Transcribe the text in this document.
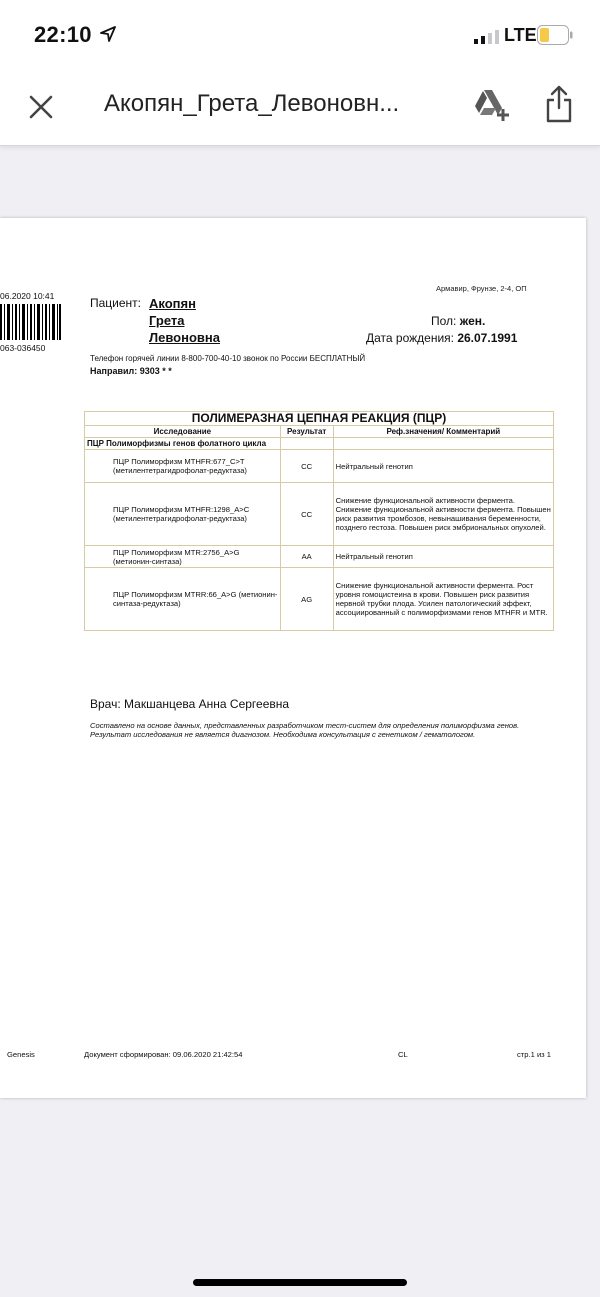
22:10	LTE
Акопян_Грета_Левоновн...
Армавир, Фрунзе, 2-4, ОП
06.2020 10:41
063-036450
Пациент: Акопян
Грета
Левоновна
Пол: жен.
Дата рождения: 26.07.1991
Телефон горячей линии 8-800-700-40-10 звонок по России БЕСПЛАТНЫЙ
Направил: 9303 * *
ПОЛИМЕРАЗНАЯ ЦЕПНАЯ РЕАКЦИЯ (ПЦР)		
Исследование	Результат	Реф.значения/ Комментарий
ПЦР Полиморфизмы генов фолатного цикла		
ПЦР Полиморфизм MTHFR:677_C>T (метилентетрагидрофолат-редуктаза)	CC	Нейтральный генотип
ПЦР Полиморфизм MTHFR:1298_A>C (метилентетрагидрофолат-редуктаза)	CC	Снижение функциональной активности фермента. Снижение функциональной активности фермента. Повышен риск развития тромбозов, невынашивания беременности, позднего гестоза. Повышен риск эмбриональных опухолей.
ПЦР Полиморфизм MTR:2756_A>G (метионин-синтаза)	AA	Нейтральный генотип
ПЦР Полиморфизм MTRR:66_A>G (метионин-синтаза-редуктаза)	AG	Снижение функциональной активности фермента. Рост уровня гомоцистеина в крови. Повышен риск развития нервной трубки плода. Усилен патологический эффект, ассоциированный с полиморфизмами генов MTHFR и MTR.
Врач: Макшанцева Анна Сергеевна
Составлено на основе данных, представленных разработчиком тест-систем для определения полиморфизма генов. Результат исследования не является диагнозом. Необходима консультация с генетиком / гематологом.
Genesis	Документ сформирован: 09.06.2020 21:42:54	CL	стр.1 из 1
